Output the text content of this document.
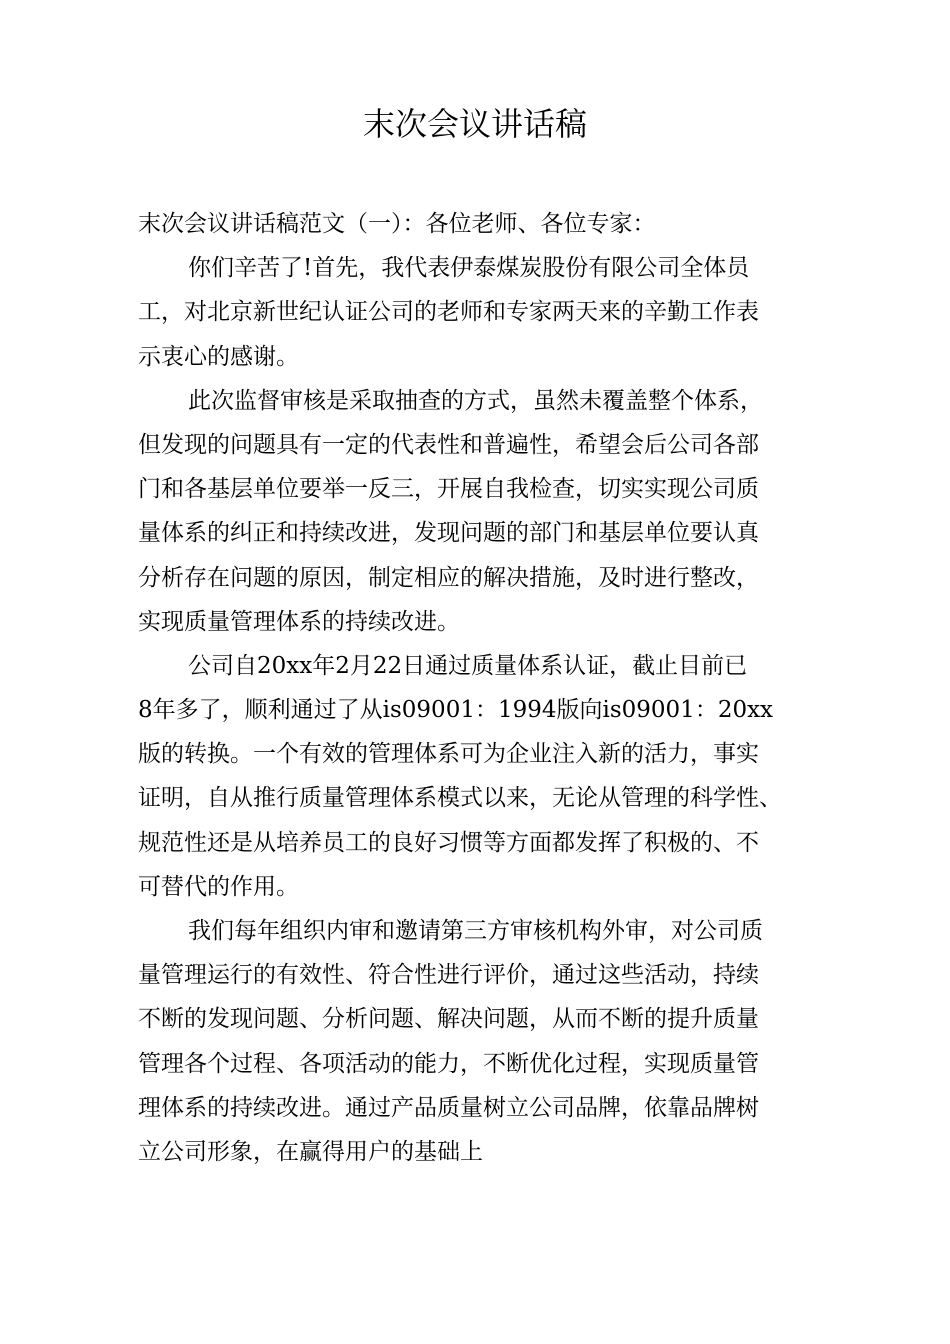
末次会议讲话稿
末次会议讲话稿范文（一）：各位老师、各位专家：
你们辛苦了!首先，我代表伊泰煤炭股份有限公司全体员
工，对北京新世纪认证公司的老师和专家两天来的辛勤工作表
示衷心的感谢。
此次监督审核是采取抽查的方式，虽然未覆盖整个体系，
但发现的问题具有一定的代表性和普遍性，希望会后公司各部
门和各基层单位要举一反三，开展自我检查，切实实现公司质
量体系的纠正和持续改进，发现问题的部门和基层单位要认真
分析存在问题的原因，制定相应的解决措施，及时进行整改，
实现质量管理体系的持续改进。
公司自20xx年2月22日通过质量体系认证，截止目前已
8年多了，顺利通过了从is09001：1994版向is09001：20xx
版的转换。一个有效的管理体系可为企业注入新的活力，事实
证明，自从推行质量管理体系模式以来，无论从管理的科学性、
规范性还是从培养员工的良好习惯等方面都发挥了积极的、不
可替代的作用。
我们每年组织内审和邀请第三方审核机构外审，对公司质
量管理运行的有效性、符合性进行评价，通过这些活动，持续
不断的发现问题、分析问题、解决问题，从而不断的提升质量
管理各个过程、各项活动的能力，不断优化过程，实现质量管
理体系的持续改进。通过产品质量树立公司品牌，依靠品牌树
立公司形象，在赢得用户的基础上
